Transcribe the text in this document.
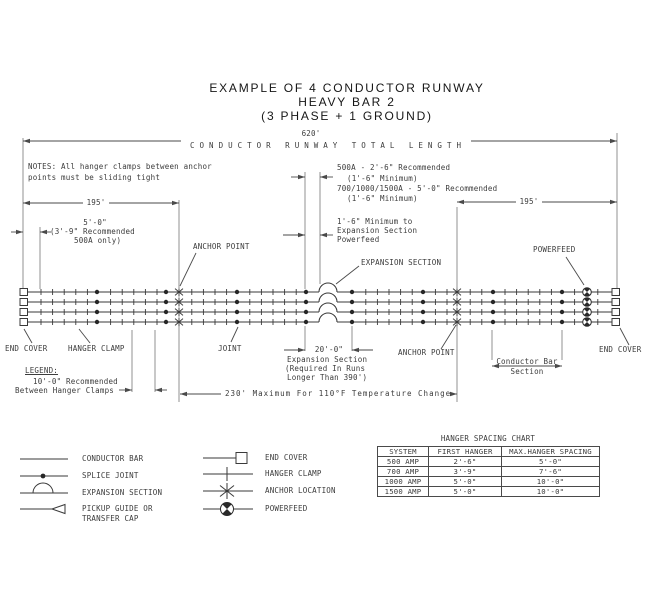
EXAMPLE OF 4 CONDUCTOR RUNWAY
HEAVY BAR 2
(3 PHASE + 1 GROUND)
620'
CONDUCTOR RUNWAY TOTAL LENGTH
NOTES: All hanger clamps between anchor
points must be sliding tight
195'	195'
5'-0"
(3'-9" Recommended
500A only)
500A - 2'-6" Recommended
(1'-6" Minimum)
700/1000/1500A - 5'-0" Recommended
(1'-6" Minimum)
1'-6" Minimum to
Expansion Section
Powerfeed
EXPANSION SECTION
POWERFEED
ANCHOR POINT
ANCHOR POINT
END COVER	HANGER CLAMP	JOINT	END COVER
LEGEND:
10'-0" Recommended
Between Hanger Clamps
20'-0"
Expansion Section
(Required In Runs
Longer Than 390')
230' Maximum For 110°F Temperature Change
Conductor Bar
Section
CONDUCTOR BAR
SPLICE JOINT
EXPANSION SECTION
PICKUP GUIDE OR
TRANSFER CAP
END COVER
HANGER CLAMP
ANCHOR LOCATION
POWERFEED
HANGER SPACING CHART
SYSTEM	FIRST HANGER	MAX.HANGER SPACING
500 AMP	2'-6"	5'-0"
700 AMP	3'-9"	7'-6"
1000 AMP	5'-0"	10'-0"
1500 AMP	5'-0"	10'-0"
